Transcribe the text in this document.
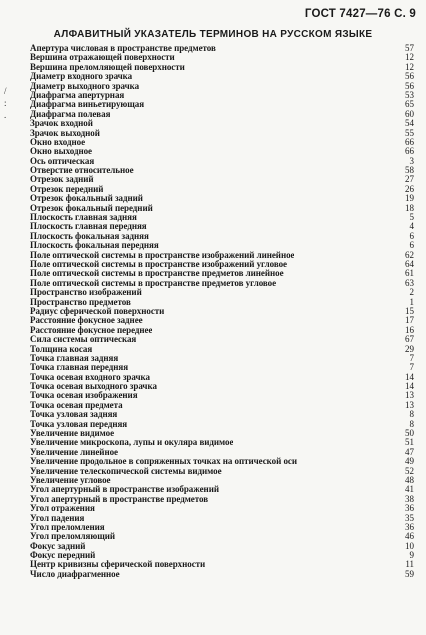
ГОСТ 7427—76 С. 9
АЛФАВИТНЫЙ УКАЗАТЕЛЬ ТЕРМИНОВ НА РУССКОМ ЯЗЫКЕ
/
:
.
Апертура числовая в пространстве предметов	57
Вершина отражающей поверхности	12
Вершина преломляющей поверхности	12
Диаметр входного зрачка	56
Диаметр выходного зрачка	56
Диафрагма апертурная	53
Диафрагма виньетирующая	65
Диафрагма полевая	60
Зрачок входной	54
Зрачок выходной	55
Окно входное	66
Окно выходное	66
Ось оптическая	3
Отверстие относительное	58
Отрезок задний	27
Отрезок передний	26
Отрезок фокальный задний	19
Отрезок фокальный передний	18
Плоскость главная задняя	5
Плоскость главная передняя	4
Плоскость фокальная задняя	6
Плоскость фокальная передняя	6
Поле оптической системы в пространстве изображений линейное	62
Поле оптической системы в пространстве изображений угловое	64
Поле оптической системы в пространстве предметов линейное	61
Поле оптической системы в пространстве предметов угловое	63
Пространство изображений	2
Пространство предметов	1
Радиус сферической поверхности	15
Расстояние фокусное заднее	17
Расстояние фокусное переднее	16
Сила системы оптическая	67
Толщина косая	29
Точка главная задняя	7
Точка главная передняя	7
Точка осевая входного зрачка	14
Точка осевая выходного зрачка	14
Точка осевая изображения	13
Точка осевая предмета	13
Точка узловая задняя	8
Точка узловая передняя	8
Увеличение видимое	50
Увеличение микроскопа, лупы и окуляра видимое	51
Увеличение линейное	47
Увеличение продольное в сопряженных точках на оптической оси	49
Увеличение телескопической системы видимое	52
Увеличение угловое	48
Угол апертурный в пространстве изображений	41
Угол апертурный в пространстве предметов	38
Угол отражения	36
Угол падения	35
Угол преломления	36
Угол преломляющий	46
Фокус задний	10
Фокус передний	9
Центр кривизны сферической поверхности	11
Число диафрагменное	59
